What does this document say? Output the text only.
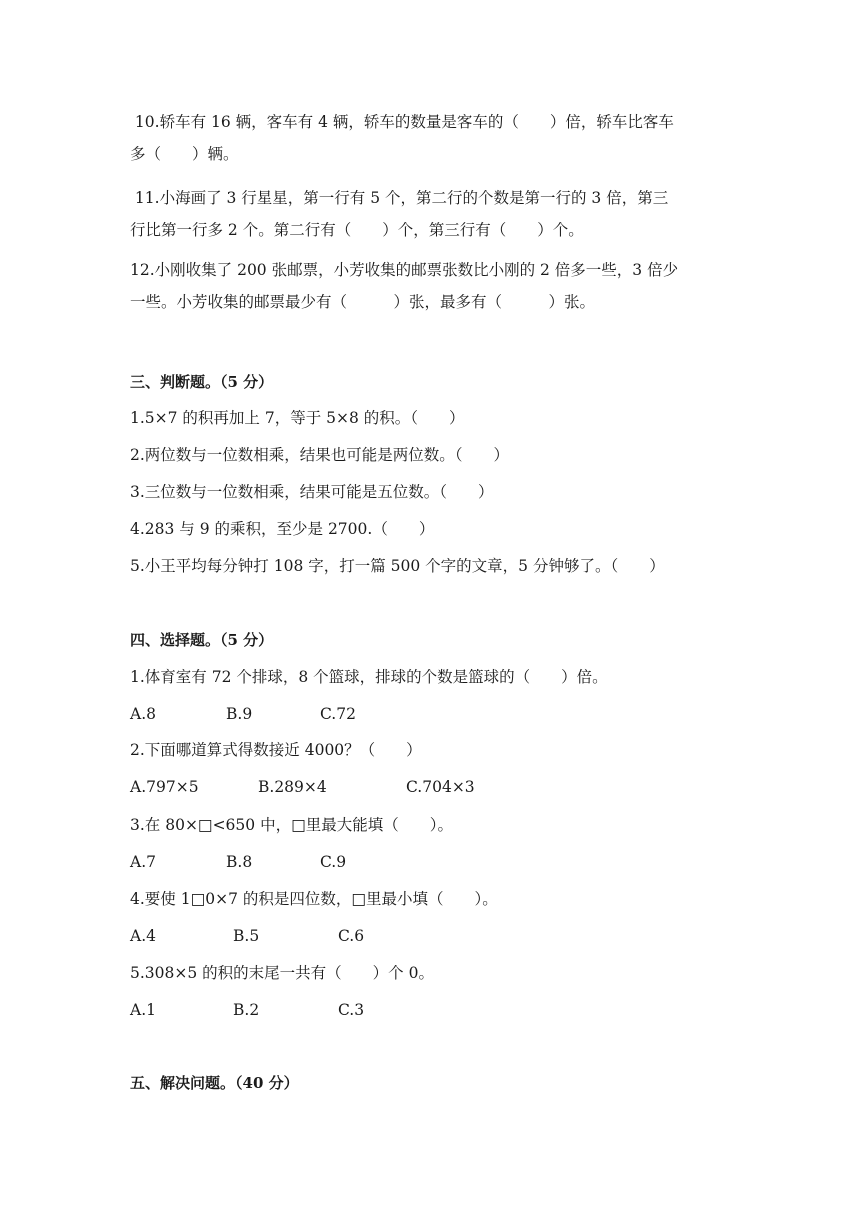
10.轿车有 16 辆，客车有 4 辆，轿车的数量是客车的（　　）倍，轿车比客车
多（　　）辆。
11.小海画了 3 行星星，第一行有 5 个，第二行的个数是第一行的 3 倍，第三
行比第一行多 2 个。第二行有（　　）个，第三行有（　　）个。
12.小刚收集了 200 张邮票，小芳收集的邮票张数比小刚的 2 倍多一些，3 倍少
一些。小芳收集的邮票最少有（　　　）张，最多有（　　　）张。
三、判断题。（5 分）
1.5×7 的积再加上 7，等于 5×8 的积。（　　）
2.两位数与一位数相乘，结果也可能是两位数。（　　）
3.三位数与一位数相乘，结果可能是五位数。（　　）
4.283 与 9 的乘积，至少是 2700.（　　）
5.小王平均每分钟打 108 字，打一篇 500 个字的文章，5 分钟够了。（　　）
四、选择题。（5 分）
1.体育室有 72 个排球，8 个篮球，排球的个数是篮球的（　　）倍。
A.8	B.9	C.72
2.下面哪道算式得数接近 4000？（　　）
A.797×5	B.289×4	C.704×3
3.在 80×□<650 中，□里最大能填（　　）。
A.7	B.8	C.9
4.要使 1□0×7 的积是四位数，□里最小填（　　）。
A.4	B.5	C.6
5.308×5 的积的末尾一共有（　　）个 0。
A.1	B.2	C.3
五、解决问题。（40 分）
